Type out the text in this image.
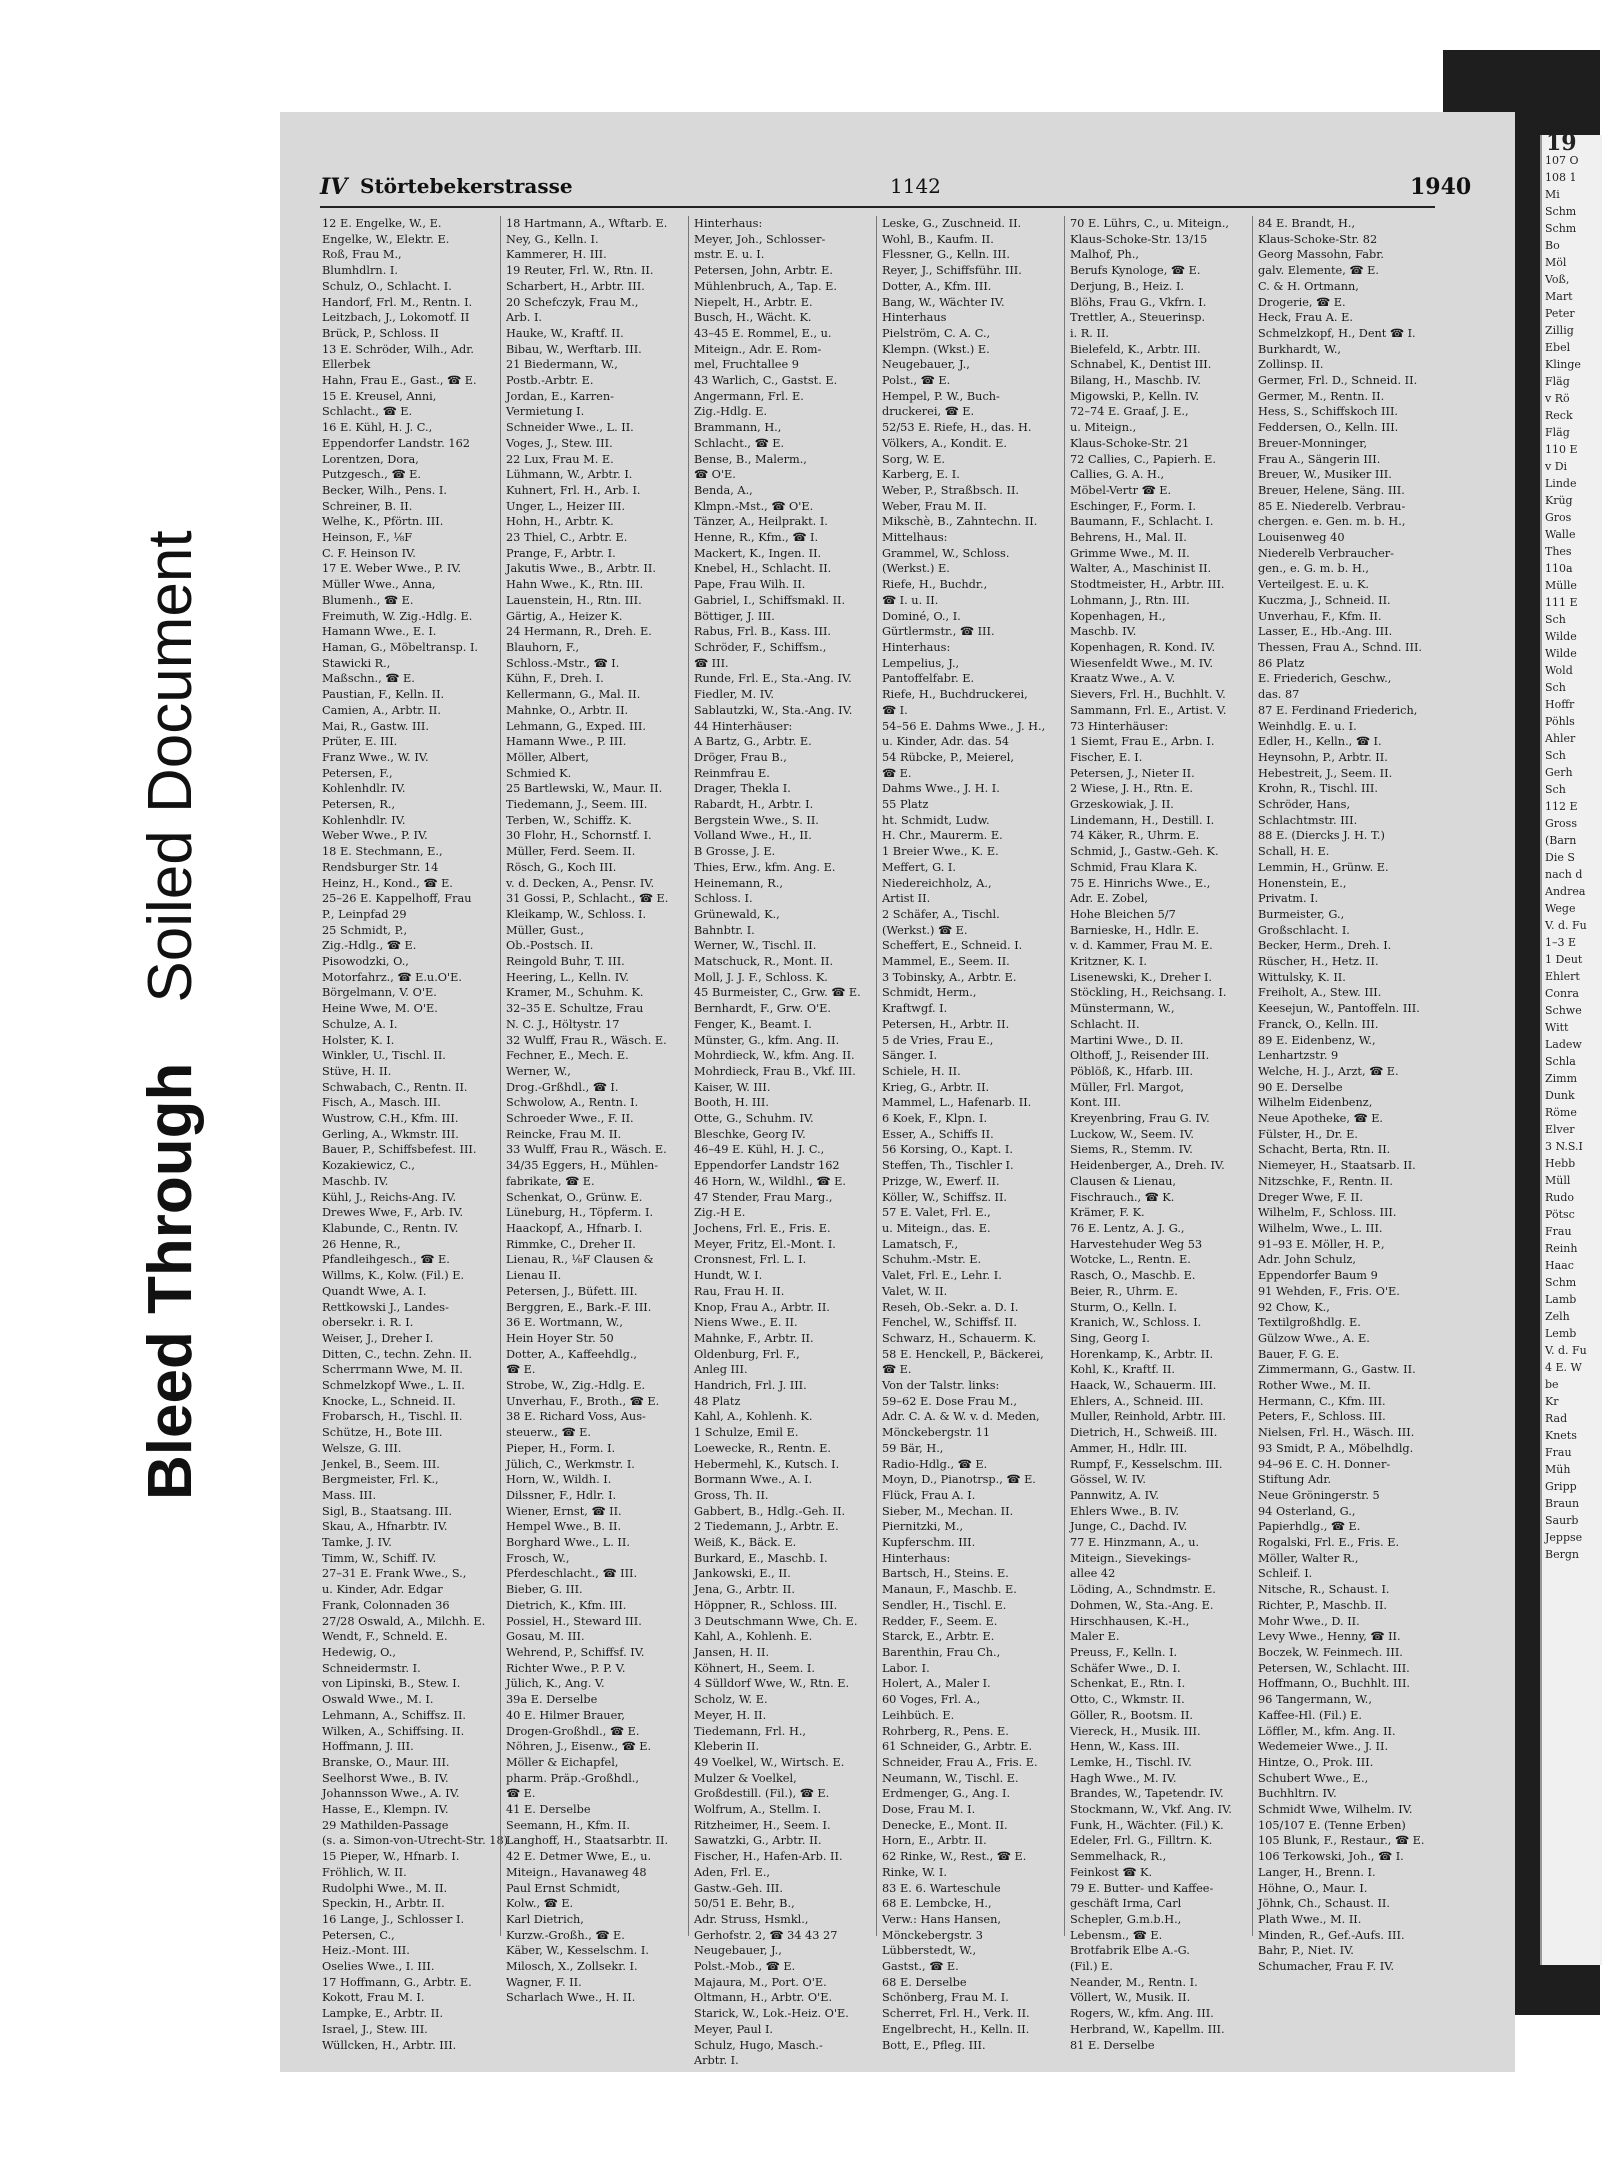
Bleed Through
Soiled Document
IV Störtebekerstrasse	1142	1940
12 E. Engelke, W., E.
Engelke, W., Elektr. E.
Roß, Frau M.,
Blumhdlrn. I.
Schulz, O., Schlacht. I.
Handorf, Frl. M., Rentn. I.
Leitzbach, J., Lokomotf. II
Brück, P., Schloss. II
13 E. Schröder, Wilh., Adr.
Ellerbek
Hahn, Frau E., Gast., ☎ E.
15 E. Kreusel, Anni,
Schlacht., ☎ E.
16 E. Kühl, H. J. C.,
Eppendorfer Landstr. 162
Lorentzen, Dora,
Putzgesch., ☎ E.
Becker, Wilh., Pens. I.
Schreiner, B. II.
Welhe, K., Pförtn. III.
Heinson, F., ⅛F
C. F. Heinson IV.
17 E. Weber Wwe., P. IV.
Müller Wwe., Anna,
Blumenh., ☎ E.
Freimuth, W. Zig.-Hdlg. E.
Hamann Wwe., E. I.
Haman, G., Möbeltransp. I.
Stawicki R.,
Maßschn., ☎ E.
Paustian, F., Kelln. II.
Camien, A., Arbtr. II.
Mai, R., Gastw. III.
Prüter, E. III.
Franz Wwe., W. IV.
Petersen, F.,
Kohlenhdlr. IV.
Petersen, R.,
Kohlenhdlr. IV.
Weber Wwe., P. IV.
18 E. Stechmann, E.,
Rendsburger Str. 14
Heinz, H., Kond., ☎ E.
25–26 E. Kappelhoff, Frau
P., Leinpfad 29
25 Schmidt, P.,
Zig.-Hdlg., ☎ E.
Pisowodzki, O.,
Motorfahrz., ☎ E.u.O'E.
Börgelmann, V. O'E.
Heine Wwe, M. O'E.
Schulze, A. I.
Holster, K. I.
Winkler, U., Tischl. II.
Stüve, H. II.
Schwabach, C., Rentn. II.
Fisch, A., Masch. III.
Wustrow, C.H., Kfm. III.
Gerling, A., Wkmstr. III.
Bauer, P., Schiffsbefest. III.
Kozakiewicz, C.,
Maschb. IV.
Kühl, J., Reichs-Ang. IV.
Drewes Wwe, F., Arb. IV.
Klabunde, C., Rentn. IV.
26 Henne, R.,
Pfandleihgesch., ☎ E.
Willms, K., Kolw. (Fil.) E.
Quandt Wwe, A. I.
Rettkowski J., Landes-
obersekr. i. R. I.
Weiser, J., Dreher I.
Ditten, C., techn. Zehn. II.
Scherrmann Wwe, M. II.
Schmelzkopf Wwe., L. II.
Knocke, L., Schneid. II.
Frobarsch, H., Tischl. II.
Schütze, H., Bote III.
Welsze, G. III.
Jenkel, B., Seem. III.
Bergmeister, Frl. K.,
Mass. III.
Sigl, B., Staatsang. III.
Skau, A., Hfnarbtr. IV.
Tamke, J. IV.
Timm, W., Schiff. IV.
27–31 E. Frank Wwe., S.,
u. Kinder, Adr. Edgar
Frank, Colonnaden 36
27/28 Oswald, A., Milchh. E.
Wendt, F., Schneld. E.
Hedewig, O.,
Schneidermstr. I.
von Lipinski, B., Stew. I.
Oswald Wwe., M. I.
Lehmann, A., Schiffsz. II.
Wilken, A., Schiffsing. II.
Hoffmann, J. III.
Branske, O., Maur. III.
Seelhorst Wwe., B. IV.
Johannsson Wwe., A. IV.
Hasse, E., Klempn. IV.
29 Mathilden-Passage
(s. a. Simon-von-Utrecht-Str. 18)
15 Pieper, W., Hfnarb. I.
Fröhlich, W. II.
Rudolphi Wwe., M. II.
Speckin, H., Arbtr. II.
16 Lange, J., Schlosser I.
Petersen, C.,
Heiz.-Mont. III.
Oselies Wwe., I. III.
17 Hoffmann, G., Arbtr. E.
Kokott, Frau M. I.
Lampke, E., Arbtr. II.
Israel, J., Stew. III.
Wüllcken, H., Arbtr. III.
18 Hartmann, A., Wftarb. E.
Ney, G., Kelln. I.
Kammerer, H. III.
19 Reuter, Frl. W., Rtn. II.
Scharbert, H., Arbtr. III.
20 Schefczyk, Frau M.,
Arb. I.
Hauke, W., Kraftf. II.
Bibau, W., Werftarb. III.
21 Biedermann, W.,
Postb.-Arbtr. E.
Jordan, E., Karren-
Vermietung I.
Schneider Wwe., L. II.
Voges, J., Stew. III.
22 Lux, Frau M. E.
Lühmann, W., Arbtr. I.
Kuhnert, Frl. H., Arb. I.
Unger, L., Heizer III.
Hohn, H., Arbtr. K.
23 Thiel, C., Arbtr. E.
Prange, F., Arbtr. I.
Jakutis Wwe., B., Arbtr. II.
Hahn Wwe., K., Rtn. III.
Lauenstein, H., Rtn. III.
Gärtig, A., Heizer K.
24 Hermann, R., Dreh. E.
Blauhorn, F.,
Schloss.-Mstr., ☎ I.
Kühn, F., Dreh. I.
Kellermann, G., Mal. II.
Mahnke, O., Arbtr. II.
Lehmann, G., Exped. III.
Hamann Wwe., P. III.
Möller, Albert,
Schmied K.
25 Bartlewski, W., Maur. II.
Tiedemann, J., Seem. III.
Terben, W., Schiffz. K.
30 Flohr, H., Schornstf. I.
Müller, Ferd. Seem. II.
Rösch, G., Koch III.
v. d. Decken, A., Pensr. IV.
31 Gossi, P., Schlacht., ☎ E.
Kleikamp, W., Schloss. I.
Müller, Gust.,
Ob.-Postsch. II.
Reingold Buhr, T. III.
Heering, L., Kelln. IV.
Kramer, M., Schuhm. K.
32–35 E. Schultze, Frau
N. C. J., Höltystr. 17
32 Wulff, Frau R., Wäsch. E.
Fechner, E., Mech. E.
Werner, W.,
Drog.-Grßhdl., ☎ I.
Schwolow, A., Rentn. I.
Schroeder Wwe., F. II.
Reincke, Frau M. II.
33 Wulff, Frau R., Wäsch. E.
34/35 Eggers, H., Mühlen-
fabrikate, ☎ E.
Schenkat, O., Grünw. E.
Lüneburg, H., Töpferm. I.
Haackopf, A., Hfnarb. I.
Rimmke, C., Dreher II.
Lienau, R., ⅛F Clausen &
Lienau II.
Petersen, J., Büfett. III.
Berggren, E., Bark.-F. III.
36 E. Wortmann, W.,
Hein Hoyer Str. 50
Dotter, A., Kaffeehdlg.,
☎ E.
Strobe, W., Zig.-Hdlg. E.
Unverhau, F., Broth., ☎ E.
38 E. Richard Voss, Aus-
steuerw., ☎ E.
Pieper, H., Form. I.
Jülich, C., Werkmstr. I.
Horn, W., Wildh. I.
Dilssner, F., Hdlr. I.
Wiener, Ernst, ☎ II.
Hempel Wwe., B. II.
Borghard Wwe., L. II.
Frosch, W.,
Pferdeschlacht., ☎ III.
Bieber, G. III.
Dietrich, K., Kfm. III.
Possiel, H., Steward III.
Gosau, M. III.
Wehrend, P., Schiffsf. IV.
Richter Wwe., P. P. V.
Jülich, K., Ang. V.
39a E. Derselbe
40 E. Hilmer Brauer,
Drogen-Großhdl., ☎ E.
Nöhren, J., Eisenw., ☎ E.
Möller & Eichapfel,
pharm. Präp.-Großhdl.,
☎ E.
41 E. Derselbe
Seemann, H., Kfm. II.
Langhoff, H., Staatsarbtr. II.
42 E. Detmer Wwe, E., u.
Miteign., Havanaweg 48
Paul Ernst Schmidt,
Kolw., ☎ E.
Karl Dietrich,
Kurzw.-Großh., ☎ E.
Käber, W., Kesselschm. I.
Milosch, X., Zollsekr. I.
Wagner, F. II.
Scharlach Wwe., H. II.
Hinterhaus:
Meyer, Joh., Schlosser-
mstr. E. u. I.
Petersen, John, Arbtr. E.
Mühlenbruch, A., Tap. E.
Niepelt, H., Arbtr. E.
Busch, H., Wächt. K.
43–45 E. Rommel, E., u.
Miteign., Adr. E. Rom-
mel, Fruchtallee 9
43 Warlich, C., Gastst. E.
Angermann, Frl. E.
Zig.-Hdlg. E.
Brammann, H.,
Schlacht., ☎ E.
Bense, B., Malerm.,
☎ O'E.
Benda, A.,
Klmpn.-Mst., ☎ O'E.
Tänzer, A., Heilprakt. I.
Henne, R., Kfm., ☎ I.
Mackert, K., Ingen. II.
Knebel, H., Schlacht. II.
Pape, Frau Wilh. II.
Gabriel, I., Schiffsmakl. II.
Böttiger, J. III.
Rabus, Frl. B., Kass. III.
Schröder, F., Schiffsm.,
☎ III.
Runde, Frl. E., Sta.-Ang. IV.
Fiedler, M. IV.
Sablautzki, W., Sta.-Ang. IV.
44 Hinterhäuser:
A Bartz, G., Arbtr. E.
Dröger, Frau B.,
Reinmfrau E.
Drager, Thekla I.
Rabardt, H., Arbtr. I.
Bergstein Wwe., S. II.
Volland Wwe., H., II.
B Grosse, J. E.
Thies, Erw., kfm. Ang. E.
Heinemann, R.,
Schloss. I.
Grünewald, K.,
Bahnbtr. I.
Werner, W., Tischl. II.
Matschuck, R., Mont. II.
Moll, J. J. F., Schloss. K.
45 Burmeister, C., Grw. ☎ E.
Bernhardt, F., Grw. O'E.
Fenger, K., Beamt. I.
Münster, G., kfm. Ang. II.
Mohrdieck, W., kfm. Ang. II.
Mohrdieck, Frau B., Vkf. III.
Kaiser, W. III.
Booth, H. III.
Otte, G., Schuhm. IV.
Bleschke, Georg IV.
46–49 E. Kühl, H. J. C.,
Eppendorfer Landstr 162
46 Horn, W., Wildhl., ☎ E.
47 Stender, Frau Marg.,
Zig.-H E.
Jochens, Frl. E., Fris. E.
Meyer, Fritz, El.-Mont. I.
Cronsnest, Frl. L. I.
Hundt, W. I.
Rau, Frau H. II.
Knop, Frau A., Arbtr. II.
Niens Wwe., E. II.
Mahnke, F., Arbtr. II.
Oldenburg, Frl. F.,
Anleg III.
Handrich, Frl. J. III.
48 Platz
Kahl, A., Kohlenh. K.
1 Schulze, Emil E.
Loewecke, R., Rentn. E.
Hebermehl, K., Kutsch. I.
Bormann Wwe., A. I.
Gross, Th. II.
Gabbert, B., Hdlg.-Geh. II.
2 Tiedemann, J., Arbtr. E.
Weiß, K., Bäck. E.
Burkard, E., Maschb. I.
Jankowski, E., II.
Jena, G., Arbtr. II.
Höppner, R., Schloss. III.
3 Deutschmann Wwe, Ch. E.
Kahl, A., Kohlenh. E.
Jansen, H. II.
Köhnert, H., Seem. I.
4 Sülldorf Wwe, W., Rtn. E.
Scholz, W. E.
Meyer, H. II.
Tiedemann, Frl. H.,
Kleberin II.
49 Voelkel, W., Wirtsch. E.
Mulzer & Voelkel,
Großdestill. (Fil.), ☎ E.
Wolfrum, A., Stellm. I.
Ritzheimer, H., Seem. I.
Sawatzki, G., Arbtr. II.
Fischer, H., Hafen-Arb. II.
Aden, Frl. E.,
Gastw.-Geh. III.
50/51 E. Behr, B.,
Adr. Struss, Hsmkl.,
Gerhofstr. 2, ☎ 34 43 27
Neugebauer, J.,
Polst.-Mob., ☎ E.
Majaura, M., Port. O'E.
Oltmann, H., Arbtr. O'E.
Starick, W., Lok.-Heiz. O'E.
Meyer, Paul I.
Schulz, Hugo, Masch.-
Arbtr. I.
Leske, G., Zuschneid. II.
Wohl, B., Kaufm. II.
Flessner, G., Kelln. III.
Reyer, J., Schiffsführ. III.
Dotter, A., Kfm. III.
Bang, W., Wächter IV.
Hinterhaus
Pielström, C. A. C.,
Klempn. (Wkst.) E.
Neugebauer, J.,
Polst., ☎ E.
Hempel, P. W., Buch-
druckerei, ☎ E.
52/53 E. Riefe, H., das. H.
Völkers, A., Kondit. E.
Sorg, W. E.
Karberg, E. I.
Weber, P., Straßbsch. II.
Weber, Frau M. II.
Mikschè, B., Zahntechn. II.
Mittelhaus:
Grammel, W., Schloss.
(Werkst.) E.
Riefe, H., Buchdr.,
☎ I. u. II.
Dominé, O., I.
Gürtlermstr., ☎ III.
Hinterhaus:
Lempelius, J.,
Pantoffelfabr. E.
Riefe, H., Buchdruckerei,
☎ I.
54–56 E. Dahms Wwe., J. H.,
u. Kinder, Adr. das. 54
54 Rübcke, P., Meierel,
☎ E.
Dahms Wwe., J. H. I.
55 Platz
ht. Schmidt, Ludw.
H. Chr., Maurerm. E.
1 Breier Wwe., K. E.
Meffert, G. I.
Niedereichholz, A.,
Artist II.
2 Schäfer, A., Tischl.
(Werkst.) ☎ E.
Scheffert, E., Schneid. I.
Mammel, E., Seem. II.
3 Tobinsky, A., Arbtr. E.
Schmidt, Herm.,
Kraftwgf. I.
Petersen, H., Arbtr. II.
5 de Vries, Frau E.,
Sänger. I.
Schiele, H. II.
Krieg, G., Arbtr. II.
Mammel, L., Hafenarb. II.
6 Koek, F., Klpn. I.
Esser, A., Schiffs II.
56 Korsing, O., Kapt. I.
Steffen, Th., Tischler I.
Prizge, W., Ewerf. II.
Köller, W., Schiffsz. II.
57 E. Valet, Frl. E.,
u. Miteign., das. E.
Lamatsch, F.,
Schuhm.-Mstr. E.
Valet, Frl. E., Lehr. I.
Valet, W. II.
Reseh, Ob.-Sekr. a. D. I.
Fenchel, W., Schiffsf. II.
Schwarz, H., Schauerm. K.
58 E. Henckell, P., Bäckerei,
☎ E.
Von der Talstr. links:
59–62 E. Dose Frau M.,
Adr. C. A. & W. v. d. Meden,
Mönckebergstr. 11
59 Bär, H.,
Radio-Hdlg., ☎ E.
Moyn, D., Pianotrsp., ☎ E.
Flück, Frau A. I.
Sieber, M., Mechan. II.
Piernitzki, M.,
Kupferschm. III.
Hinterhaus:
Bartsch, H., Steins. E.
Manaun, F., Maschb. E.
Sendler, H., Tischl. E.
Redder, F., Seem. E.
Starck, E., Arbtr. E.
Barenthin, Frau Ch.,
Labor. I.
Holert, A., Maler I.
60 Voges, Frl. A.,
Leihbüch. E.
Rohrberg, R., Pens. E.
61 Schneider, G., Arbtr. E.
Schneider, Frau A., Fris. E.
Neumann, W., Tischl. E.
Erdmenger, G., Ang. I.
Dose, Frau M. I.
Denecke, E., Mont. II.
Horn, E., Arbtr. II.
62 Rinke, W., Rest., ☎ E.
Rinke, W. I.
83 E. 6. Warteschule
68 E. Lembcke, H.,
Verw.: Hans Hansen,
Mönckebergstr. 3
Lübberstedt, W.,
Gastst., ☎ E.
68 E. Derselbe
Schönberg, Frau M. I.
Scherret, Frl. H., Verk. II.
Engelbrecht, H., Kelln. II.
Bott, E., Pfleg. III.
70 E. Lührs, C., u. Miteign.,
Klaus-Schoke-Str. 13/15
Malhof, Ph.,
Berufs Kynologe, ☎ E.
Derjung, B., Heiz. I.
Blöhs, Frau G., Vkfrn. I.
Trettler, A., Steuerinsp.
i. R. II.
Bielefeld, K., Arbtr. III.
Schnabel, K., Dentist III.
Bilang, H., Maschb. IV.
Migowski, P., Kelln. IV.
72–74 E. Graaf, J. E.,
u. Miteign.,
Klaus-Schoke-Str. 21
72 Callies, C., Papierh. E.
Callies, G. A. H.,
Möbel-Vertr ☎ E.
Eschinger, F., Form. I.
Baumann, F., Schlacht. I.
Behrens, H., Mal. II.
Grimme Wwe., M. II.
Walter, A., Maschinist II.
Stodtmeister, H., Arbtr. III.
Lohmann, J., Rtn. III.
Kopenhagen, H.,
Maschb. IV.
Kopenhagen, R. Kond. IV.
Wiesenfeldt Wwe., M. IV.
Kraatz Wwe., A. V.
Sievers, Frl. H., Buchhlt. V.
Sammann, Frl. E., Artist. V.
73 Hinterhäuser:
1 Siemt, Frau E., Arbn. I.
Fischer, E. I.
Petersen, J., Nieter II.
2 Wiese, J. H., Rtn. E.
Grzeskowiak, J. II.
Lindemann, H., Destill. I.
74 Käker, R., Uhrm. E.
Schmid, J., Gastw.-Geh. K.
Schmid, Frau Klara K.
75 E. Hinrichs Wwe., E.,
Adr. E. Zobel,
Hohe Bleichen 5/7
Barnieske, H., Hdlr. E.
v. d. Kammer, Frau M. E.
Kritzner, K. I.
Lisenewski, K., Dreher I.
Stöckling, H., Reichsang. I.
Münstermann, W.,
Schlacht. II.
Martini Wwe., D. II.
Olthoff, J., Reisender III.
Pöblöß, K., Hfarb. III.
Müller, Frl. Margot,
Kont. III.
Kreyenbring, Frau G. IV.
Luckow, W., Seem. IV.
Siems, R., Stemm. IV.
Heidenberger, A., Dreh. IV.
Clausen & Lienau,
Fischrauch., ☎ K.
Krämer, F. K.
76 E. Lentz, A. J. G.,
Harvestehuder Weg 53
Wotcke, L., Rentn. E.
Rasch, O., Maschb. E.
Beier, R., Uhrm. E.
Sturm, O., Kelln. I.
Kranich, W., Schloss. I.
Sing, Georg I.
Horenkamp, K., Arbtr. II.
Kohl, K., Kraftf. II.
Haack, W., Schauerm. III.
Ehlers, A., Schneid. III.
Muller, Reinhold, Arbtr. III.
Dietrich, H., Schweiß. III.
Ammer, H., Hdlr. III.
Rumpf, F., Kesselschm. III.
Gössel, W. IV.
Pannwitz, A. IV.
Ehlers Wwe., B. IV.
Junge, C., Dachd. IV.
77 E. Hinzmann, A., u.
Miteign., Sievekings-
allee 42
Löding, A., Schndmstr. E.
Dohmen, W., Sta.-Ang. E.
Hirschhausen, K.-H.,
Maler E.
Preuss, F., Kelln. I.
Schäfer Wwe., D. I.
Schenkat, E., Rtn. I.
Otto, C., Wkmstr. II.
Göller, R., Bootsm. II.
Viereck, H., Musik. III.
Henn, W., Kass. III.
Lemke, H., Tischl. IV.
Hagh Wwe., M. IV.
Brandes, W., Tapetendr. IV.
Stockmann, W., Vkf. Ang. IV.
Funk, H., Wächter. (Fil.) K.
Edeler, Frl. G., Filltrn. K.
Semmelhack, R.,
Feinkost ☎ K.
79 E. Butter- und Kaffee-
geschäft Irma, Carl
Schepler, G.m.b.H.,
Lebensm., ☎ E.
Brotfabrik Elbe A.-G.
(Fil.) E.
Neander, M., Rentn. I.
Völlert, W., Musik. II.
Rogers, W., kfm. Ang. III.
Herbrand, W., Kapellm. III.
81 E. Derselbe
84 E. Brandt, H.,
Klaus-Schoke-Str. 82
Georg Massohn, Fabr.
galv. Elemente, ☎ E.
C. & H. Ortmann,
Drogerie, ☎ E.
Heck, Frau A. E.
Schmelzkopf, H., Dent ☎ I.
Burkhardt, W.,
Zollinsp. II.
Germer, Frl. D., Schneid. II.
Germer, M., Rentn. II.
Hess, S., Schiffskoch III.
Feddersen, O., Kelln. III.
Breuer-Monninger,
Frau A., Sängerin III.
Breuer, W., Musiker III.
Breuer, Helene, Säng. III.
85 E. Niederelb. Verbrau-
chergen. e. Gen. m. b. H.,
Louisenweg 40
Niederelb Verbraucher-
gen., e. G. m. b. H.,
Verteilgest. E. u. K.
Kuczma, J., Schneid. II.
Unverhau, F., Kfm. II.
Lasser, E., Hb.-Ang. III.
Thessen, Frau A., Schnd. III.
86 Platz
E. Friederich, Geschw.,
das. 87
87 E. Ferdinand Friederich,
Weinhdlg. E. u. I.
Edler, H., Kelln., ☎ I.
Heynsohn, P., Arbtr. II.
Hebestreit, J., Seem. II.
Krohn, R., Tischl. III.
Schröder, Hans,
Schlachtmstr. III.
88 E. (Diercks J. H. T.)
Schall, H. E.
Lemmin, H., Grünw. E.
Honenstein, E.,
Privatm. I.
Burmeister, G.,
Großschlacht. I.
Becker, Herm., Dreh. I.
Rüscher, H., Hetz. II.
Wittulsky, K. II.
Freiholt, A., Stew. III.
Keesejun, W., Pantoffeln. III.
Franck, O., Kelln. III.
89 E. Eidenbenz, W.,
Lenhartzstr. 9
Welche, H. J., Arzt, ☎ E.
90 E. Derselbe
Wilhelm Eidenbenz,
Neue Apotheke, ☎ E.
Fülster, H., Dr. E.
Schacht, Berta, Rtn. II.
Niemeyer, H., Staatsarb. II.
Nitzschke, F., Rentn. II.
Dreger Wwe, F. II.
Wilhelm, F., Schloss. III.
Wilhelm, Wwe., L. III.
91–93 E. Möller, H. P.,
Adr. John Schulz,
Eppendorfer Baum 9
91 Wehden, F., Fris. O'E.
92 Chow, K.,
Textilgroßhdlg. E.
Gülzow Wwe., A. E.
Bauer, F. G. E.
Zimmermann, G., Gastw. II.
Rother Wwe., M. II.
Hermann, C., Kfm. III.
Peters, F., Schloss. III.
Nielsen, Frl. H., Wäsch. III.
93 Smidt, P. A., Möbelhdlg.
94–96 E. C. H. Donner-
Stiftung Adr.
Neue Gröningerstr. 5
94 Osterland, G.,
Papierhdlg., ☎ E.
Rogalski, Frl. E., Fris. E.
Möller, Walter R.,
Schleif. I.
Nitsche, R., Schaust. I.
Richter, P., Maschb. II.
Mohr Wwe., D. II.
Levy Wwe., Henny, ☎ II.
Boczek, W. Feinmech. III.
Petersen, W., Schlacht. III.
Hoffmann, O., Buchhlt. III.
96 Tangermann, W.,
Kaffee-Hl. (Fil.) E.
Löffler, M., kfm. Ang. II.
Wedemeier Wwe., J. II.
Hintze, O., Prok. III.
Schubert Wwe., E.,
Buchhltrn. IV.
Schmidt Wwe, Wilhelm. IV.
105/107 E. (Tenne Erben)
105 Blunk, F., Restaur., ☎ E.
106 Terkowski, Joh., ☎ I.
Langer, H., Brenn. I.
Höhne, O., Maur. I.
Jöhnk, Ch., Schaust. II.
Plath Wwe., M. II.
Minden, R., Gef.-Aufs. III.
Bahr, P., Niet. IV.
Schumacher, Frau F. IV.
19
107 O
108 1
Mi
Schm
Schm
Bo
Möl
Voß,
Mart
Peter
Zillig
Ebel
Klinge
Fläg
v Rö
Reck
Fläg
110 E
v Di
Linde
Krüg
Gros
Walle
Thes
110a
Mülle
111 E
Sch
Wilde
Wilde
Wold
Sch
Hoffr
Pöhls
Ahler
Sch
Gerh
Sch
112 E
Gross
(Barn
Die S
nach d
Andrea
Wege
V. d. Fu
1–3 E
1 Deut
Ehlert
Conra
Schwe
Witt
Ladew
Schla
Zimm
Dunk
Röme
Elver
3 N.S.I
Hebb
Müll
Rudo
Pötsc
Frau
Reinh
Haac
Schm
Lamb
Zelh
Lemb
V. d. Fu
4 E. W
be
Kr
Rad
Knets
Frau
Müh
Gripp
Braun
Saurb
Jeppse
Bergn
